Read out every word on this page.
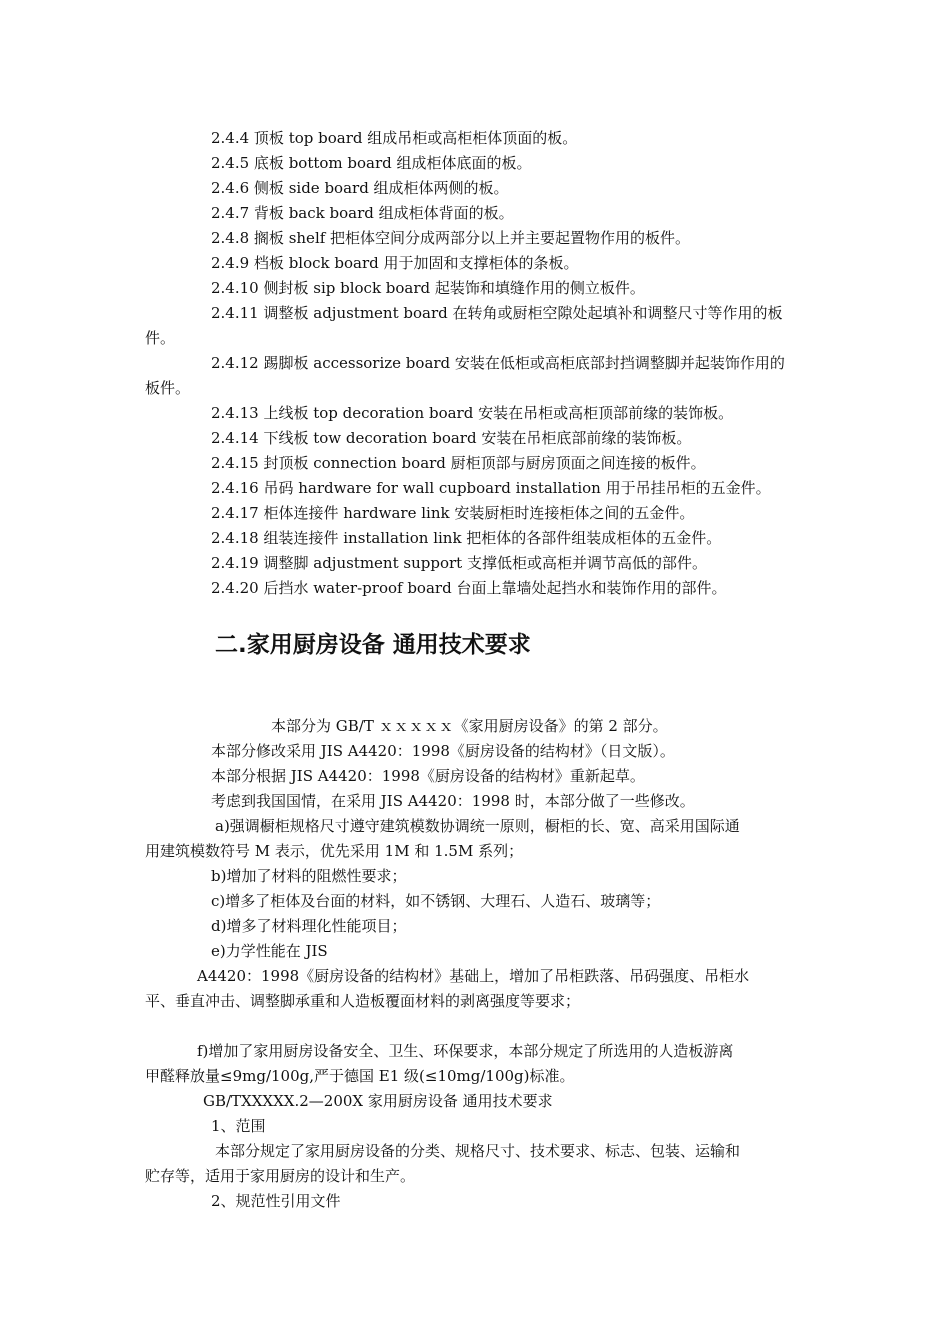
2.4.4 顶板 top board 组成吊柜或高柜柜体顶面的板。
2.4.5 底板 bottom board 组成柜体底面的板。
2.4.6 侧板 side board 组成柜体两侧的板。
2.4.7 背板 back board 组成柜体背面的板。
2.4.8 搁板 shelf 把柜体空间分成两部分以上并主要起置物作用的板件。
2.4.9 档板 block board 用于加固和支撑柜体的条板。
2.4.10 侧封板 sip block board 起装饰和填缝作用的侧立板件。
2.4.11 调整板 adjustment board 在转角或厨柜空隙处起填补和调整尺寸等作用的板
件。
2.4.12 踢脚板 accessorize board 安装在低柜或高柜底部封挡调整脚并起装饰作用的
板件。
2.4.13 上线板 top decoration board 安装在吊柜或高柜顶部前缘的装饰板。
2.4.14 下线板 tow decoration board 安装在吊柜底部前缘的装饰板。
2.4.15 封顶板 connection board 厨柜顶部与厨房顶面之间连接的板件。
2.4.16 吊码 hardware for wall cupboard installation 用于吊挂吊柜的五金件。
2.4.17 柜体连接件 hardware link 安装厨柜时连接柜体之间的五金件。
2.4.18 组装连接件 installation link 把柜体的各部件组装成柜体的五金件。
2.4.19 调整脚 adjustment support 支撑低柜或高柜并调节高低的部件。
2.4.20 后挡水 water-proof board 台面上靠墙处起挡水和装饰作用的部件。
二.家用厨房设备 通用技术要求
本部分为 GB/T ｘｘｘｘｘ《家用厨房设备》的第 2 部分。
本部分修改采用 JIS A4420：1998《厨房设备的结构材》（日文版）。
本部分根据 JIS A4420：1998《厨房设备的结构材》重新起草。
考虑到我国国情，在采用 JIS A4420：1998 时，本部分做了一些修改。
a)强调橱柜规格尺寸遵守建筑模数协调统一原则，橱柜的长、宽、高采用国际通
用建筑模数符号 M 表示，优先采用 1M 和 1.5M 系列；
b)增加了材料的阻燃性要求；
c)增多了柜体及台面的材料，如不锈钢、大理石、人造石、玻璃等；
d)增多了材料理化性能项目；
e)力学性能在 JIS
A4420：1998《厨房设备的结构材》基础上，增加了吊柜跌落、吊码强度、吊柜水
平、垂直冲击、调整脚承重和人造板覆面材料的剥离强度等要求；
f)增加了家用厨房设备安全、卫生、环保要求，本部分规定了所选用的人造板游离
甲醛释放量≤9mg/100g,严于德国 E1 级(≤10mg/100g)标准。
GB/TXXXXX.2—200X 家用厨房设备 通用技术要求
1、范围
本部分规定了家用厨房设备的分类、规格尺寸、技术要求、标志、包装、运输和
贮存等，适用于家用厨房的设计和生产。
2、规范性引用文件
